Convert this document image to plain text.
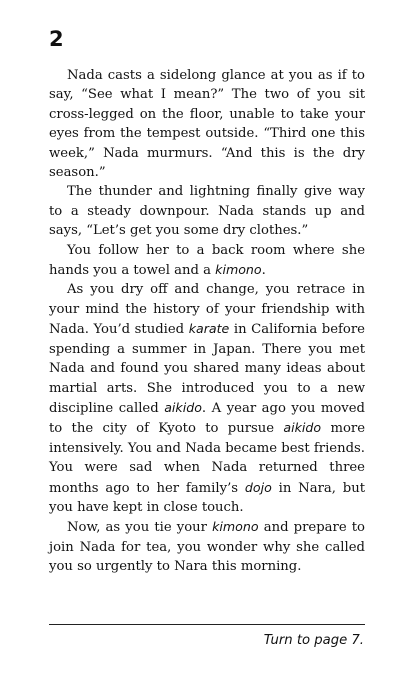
2

Nada casts a sidelong glance at you as if to say, “See what I mean?” The two of you sit cross-legged on the floor, unable to take your eyes from the tempest outside. “Third one this week,” Nada murmurs. “And this is the dry season.”

The thunder and lightning finally give way to a steady downpour. Nada stands up and says, “Let’s get you some dry clothes.”

You follow her to a back room where she hands you a towel and a kimono.

As you dry off and change, you retrace in your mind the history of your friendship with Nada. You’d studied karate in California before spending a summer in Japan. There you met Nada and found you shared many ideas about martial arts. She introduced you to a new discipline called aikido. A year ago you moved to the city of Kyoto to pursue aikido more intensively. You and Nada became best friends. You were sad when Nada returned three months ago to her family’s dojo in Nara, but you have kept in close touch.

Now, as you tie your kimono and prepare to join Nada for tea, you wonder why she called you so urgently to Nara this morning.

Turn to page 7.
